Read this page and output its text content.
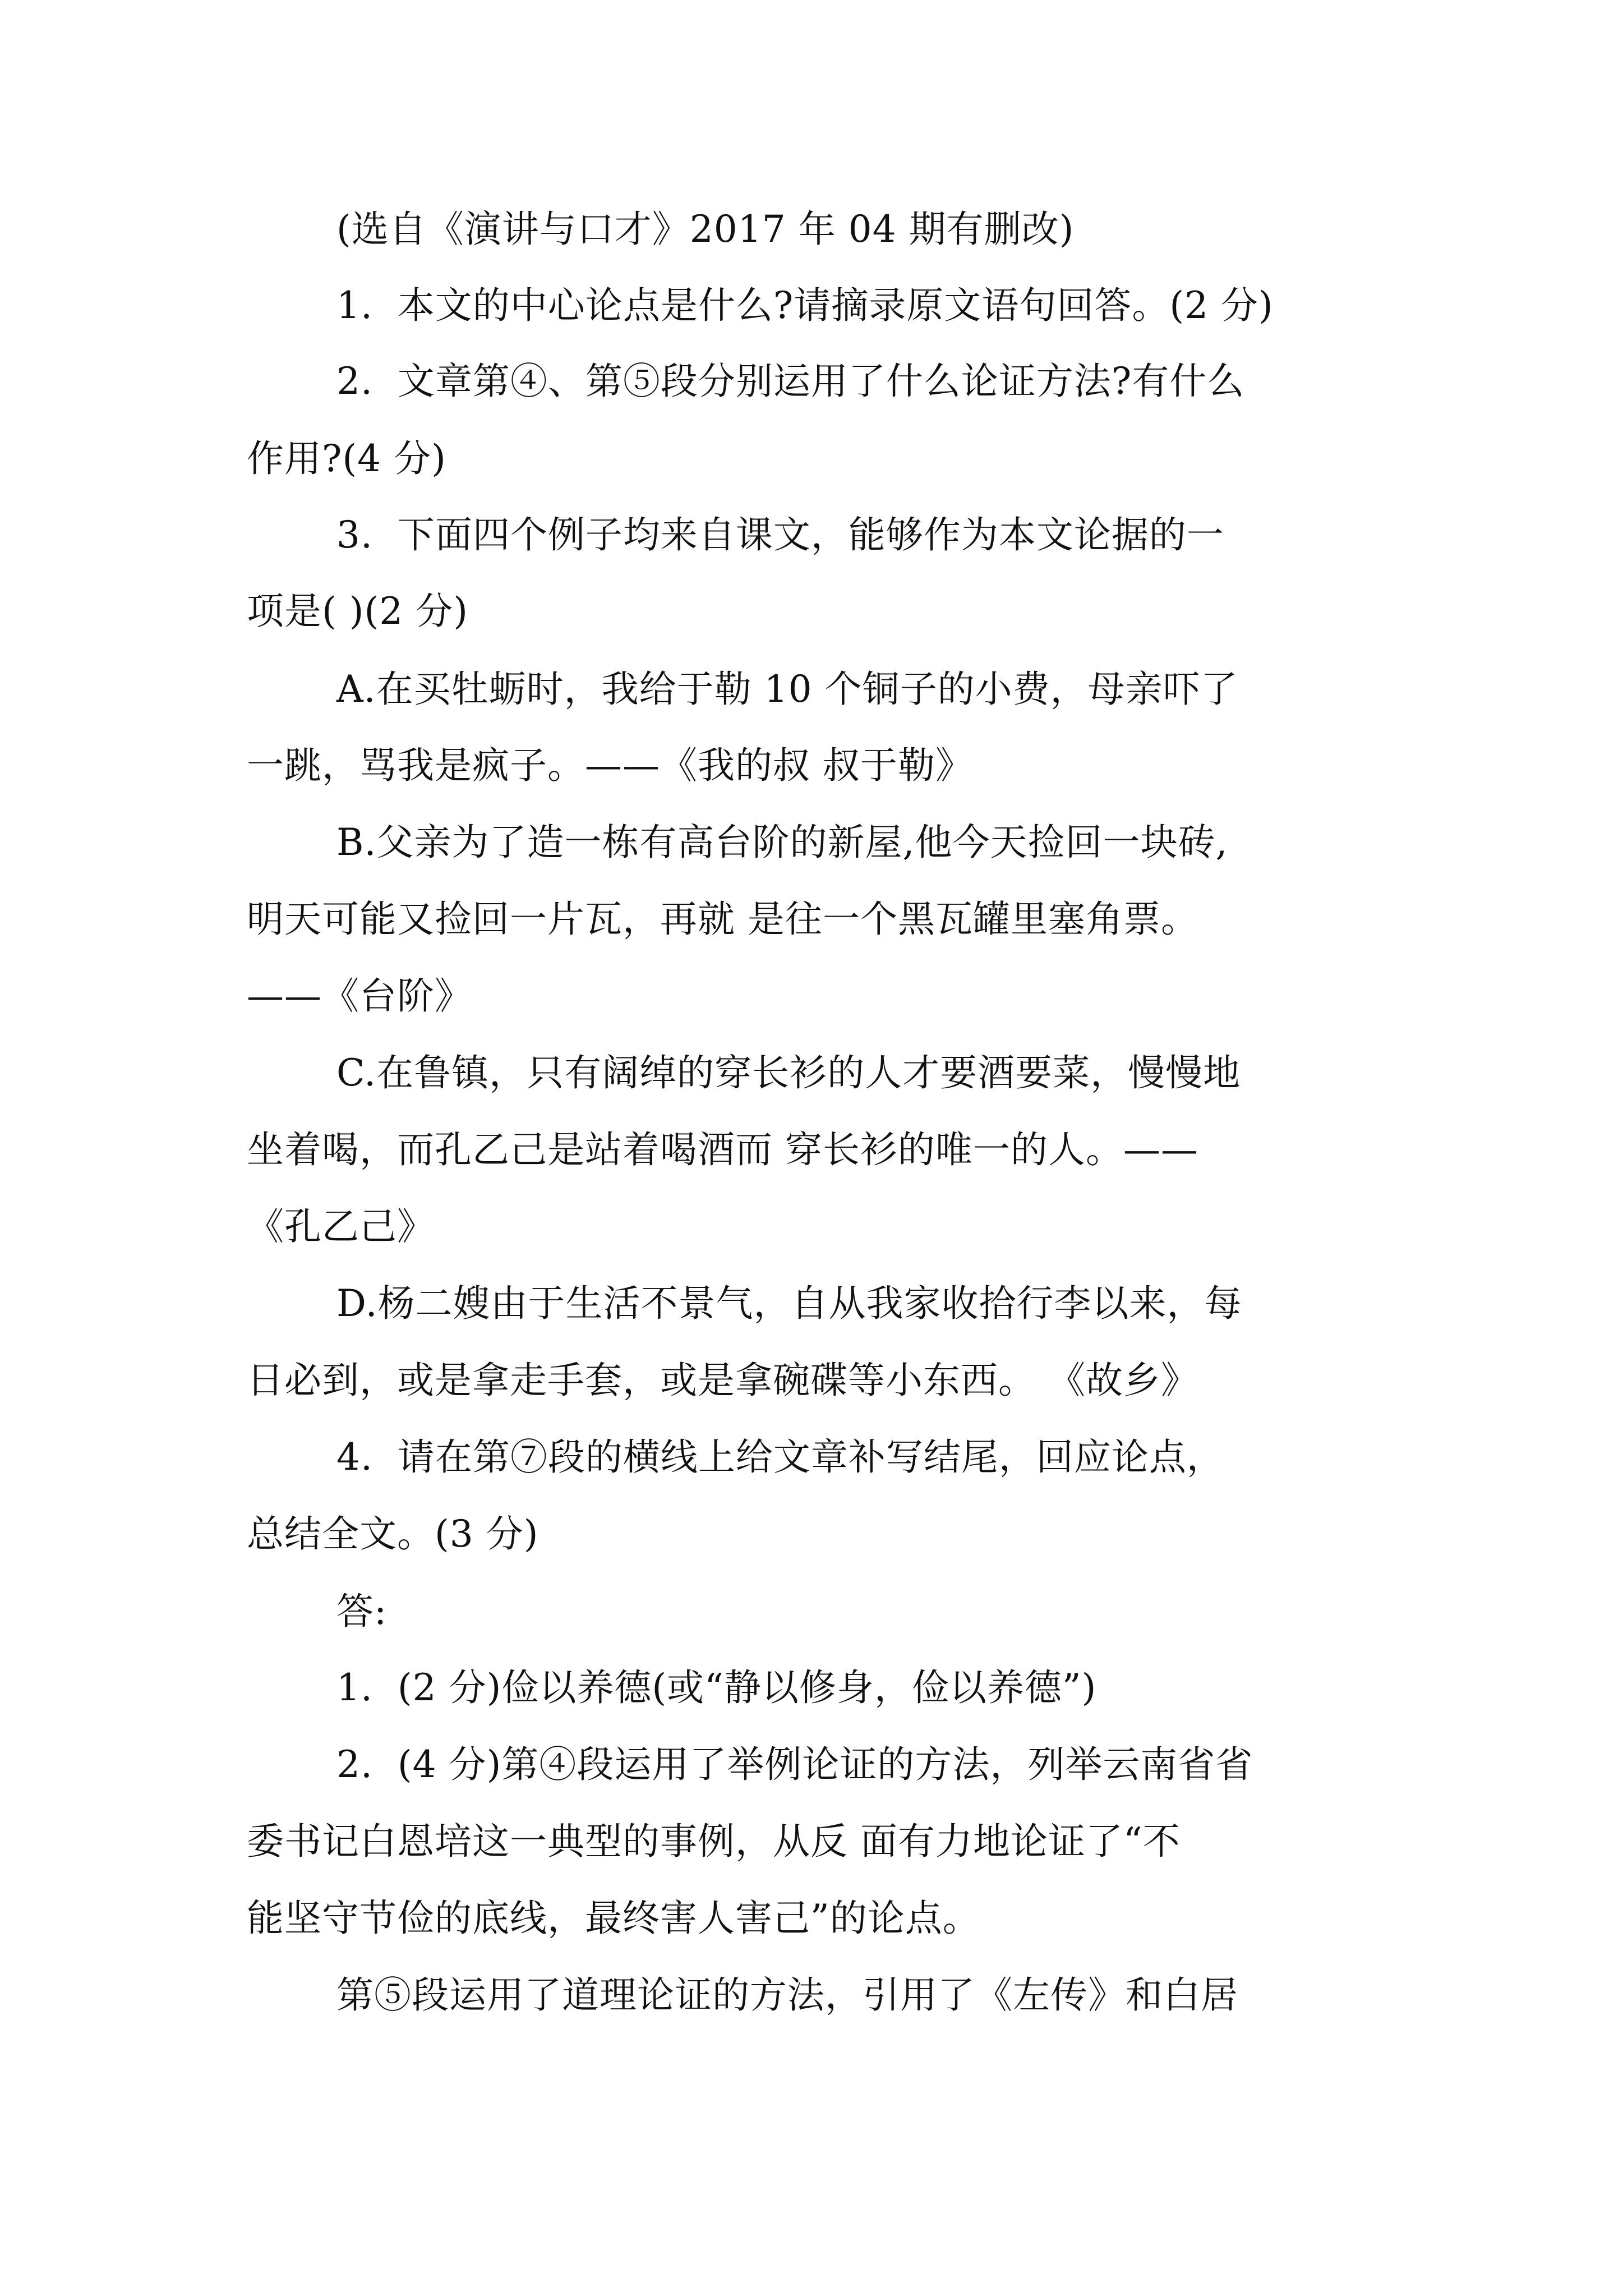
(选自《演讲与口才》2017 年 04 期有删改)
1.  本文的中心论点是什么?请摘录原文语句回答。(2 分)
2.  文章第④、第⑤段分别运用了什么论证方法?有什么
作用?(4 分)
3.  下面四个例子均来自课文，能够作为本文论据的一
项是( )(2 分)
A.在买牡蛎时，我给于勒 10 个铜子的小费，母亲吓了
一跳，骂我是疯子。——《我的叔 叔于勒》
B.父亲为了造一栋有高台阶的新屋,他今天捡回一块砖,
明天可能又捡回一片瓦，再就 是往一个黑瓦罐里塞角票。
——《台阶》
C.在鲁镇，只有阔绰的穿长衫的人才要酒要菜，慢慢地
坐着喝，而孔乙己是站着喝酒而 穿长衫的唯一的人。——
《孔乙己》
D.杨二嫂由于生活不景气，自从我家收拾行李以来，每
日必到，或是拿走手套，或是拿碗碟等小东西。 《故乡》
4.  请在第⑦段的横线上给文章补写结尾，回应论点，
总结全文。(3 分)
答:
1.  (2 分)俭以养德(或“静以修身，俭以养德”)
2.  (4 分)第④段运用了举例论证的方法，列举云南省省
委书记白恩培这一典型的事例，从反 面有力地论证了“不
能坚守节俭的底线，最终害人害己”的论点。
第⑤段运用了道理论证的方法，引用了《左传》和白居
